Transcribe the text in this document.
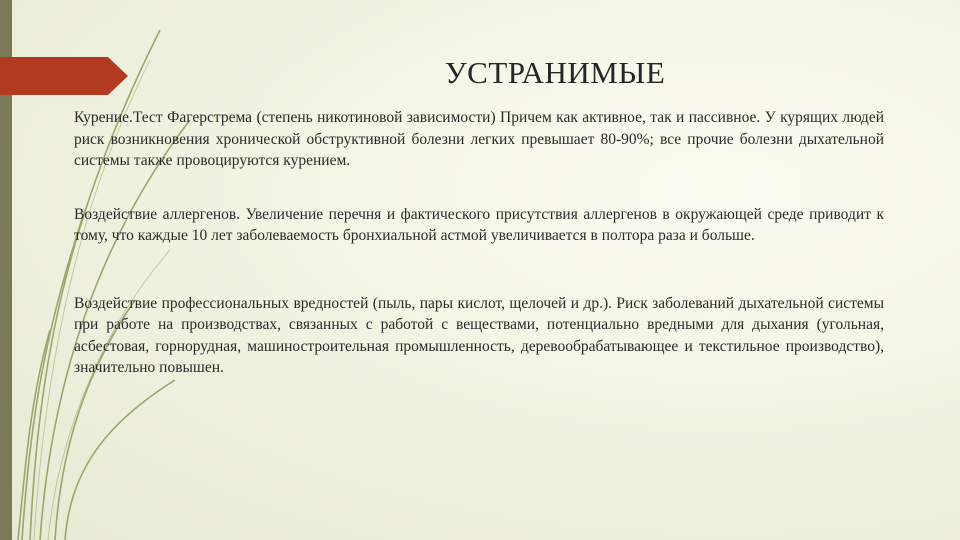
УСТРАНИМЫЕ

Курение.Тест Фагерстрема (степень никотиновой зависимости) Причем как активное, так и пассивное. У курящих людей риск возникновения хронической обструктивной болезни легких превышает 80-90%; все прочие болезни дыхательной системы также провоцируются курением.

Воздействие аллергенов. Увеличение перечня и фактического присутствия аллергенов в окружающей среде приводит к тому, что каждые 10 лет заболеваемость бронхиальной астмой увеличивается в полтора раза и больше.

Воздействие профессиональных вредностей (пыль, пары кислот, щелочей и др.). Риск заболеваний дыхательной системы при работе на производствах, связанных с работой с веществами, потенциально вредными для дыхания (угольная, асбестовая, горнорудная, машиностроительная промышленность, деревообрабатывающее и текстильное производство), значительно повышен.
